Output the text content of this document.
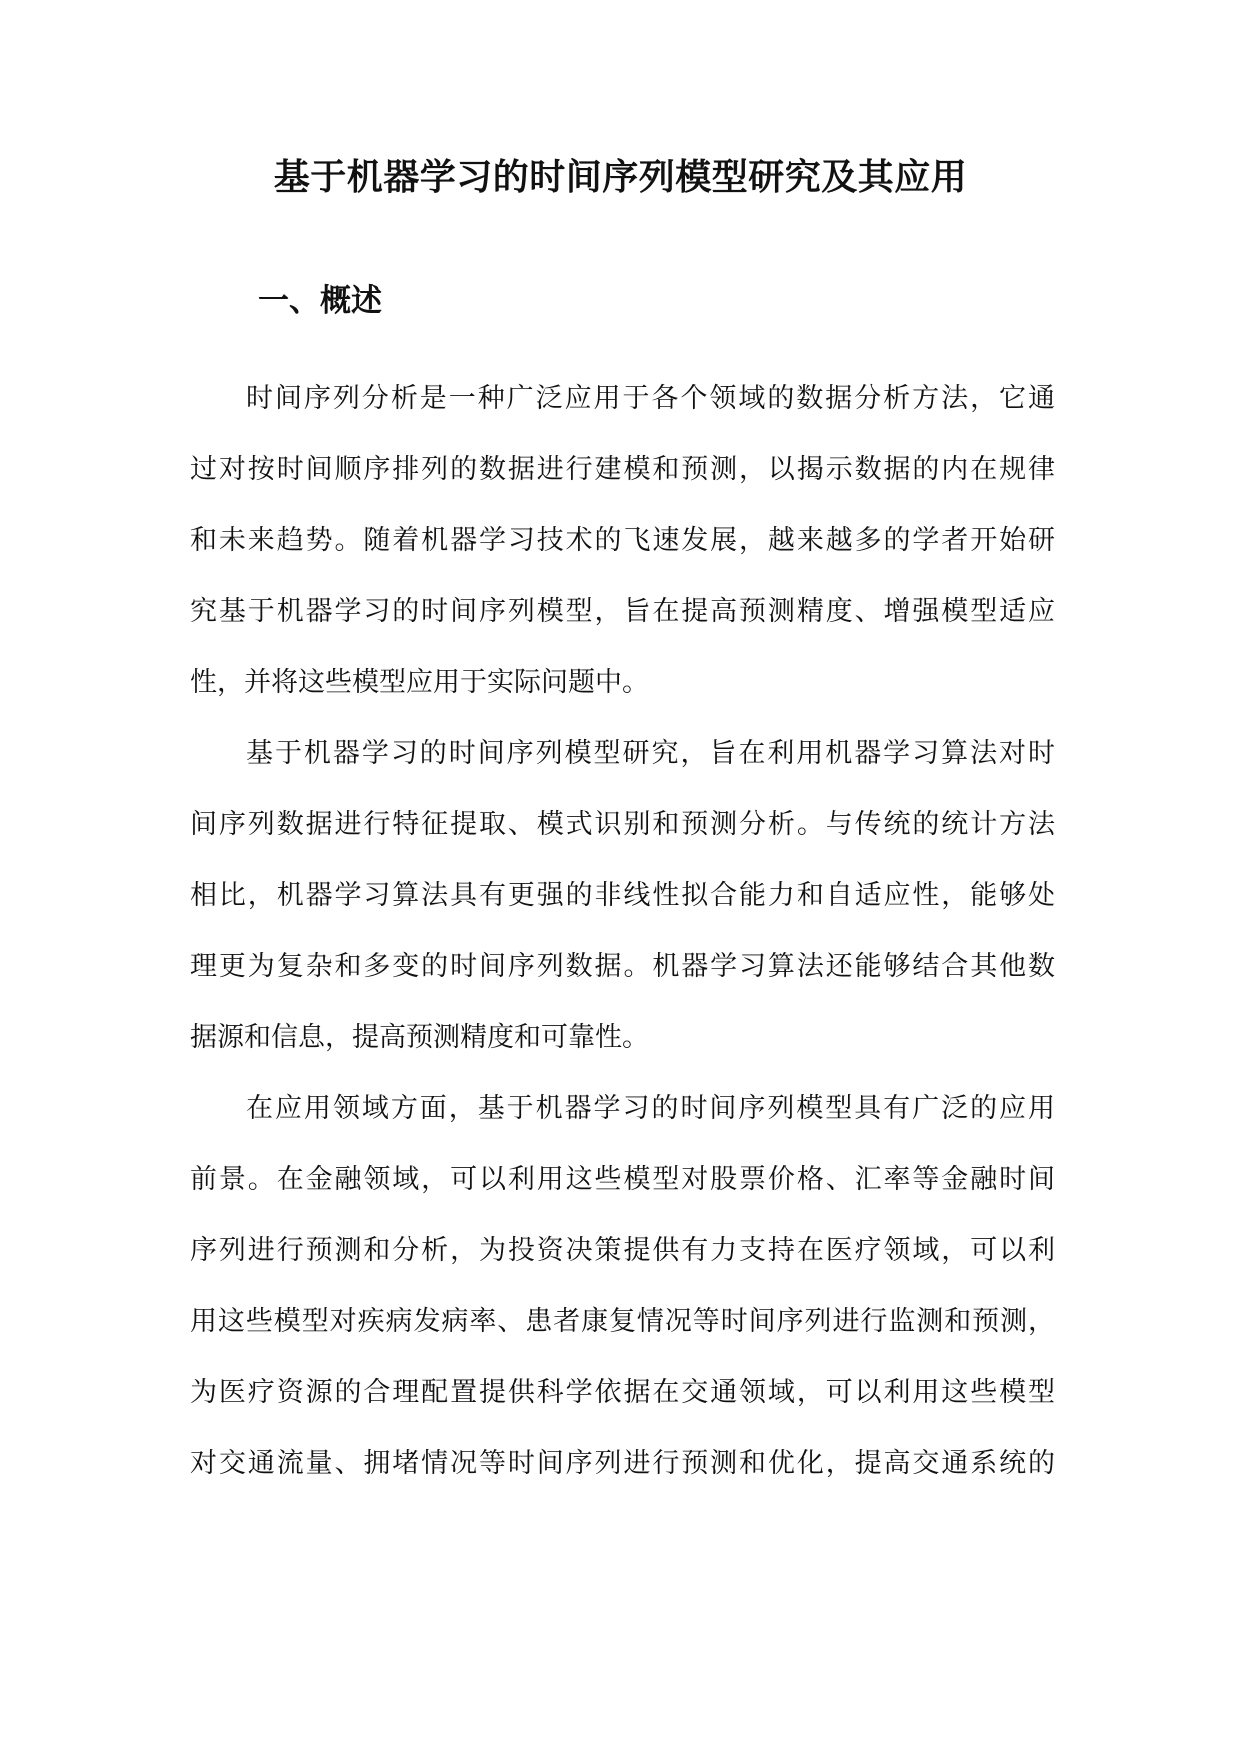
基于机器学习的时间序列模型研究及其应用
一、概述
时间序列分析是一种广泛应用于各个领域的数据分析方法，它通
过对按时间顺序排列的数据进行建模和预测，以揭示数据的内在规律
和未来趋势。随着机器学习技术的飞速发展，越来越多的学者开始研
究基于机器学习的时间序列模型，旨在提高预测精度、增强模型适应
性，并将这些模型应用于实际问题中。
基于机器学习的时间序列模型研究，旨在利用机器学习算法对时
间序列数据进行特征提取、模式识别和预测分析。与传统的统计方法
相比，机器学习算法具有更强的非线性拟合能力和自适应性，能够处
理更为复杂和多变的时间序列数据。机器学习算法还能够结合其他数
据源和信息，提高预测精度和可靠性。
在应用领域方面，基于机器学习的时间序列模型具有广泛的应用
前景。在金融领域，可以利用这些模型对股票价格、汇率等金融时间
序列进行预测和分析，为投资决策提供有力支持在医疗领域，可以利
用这些模型对疾病发病率、患者康复情况等时间序列进行监测和预测，
为医疗资源的合理配置提供科学依据在交通领域，可以利用这些模型
对交通流量、拥堵情况等时间序列进行预测和优化，提高交通系统的
